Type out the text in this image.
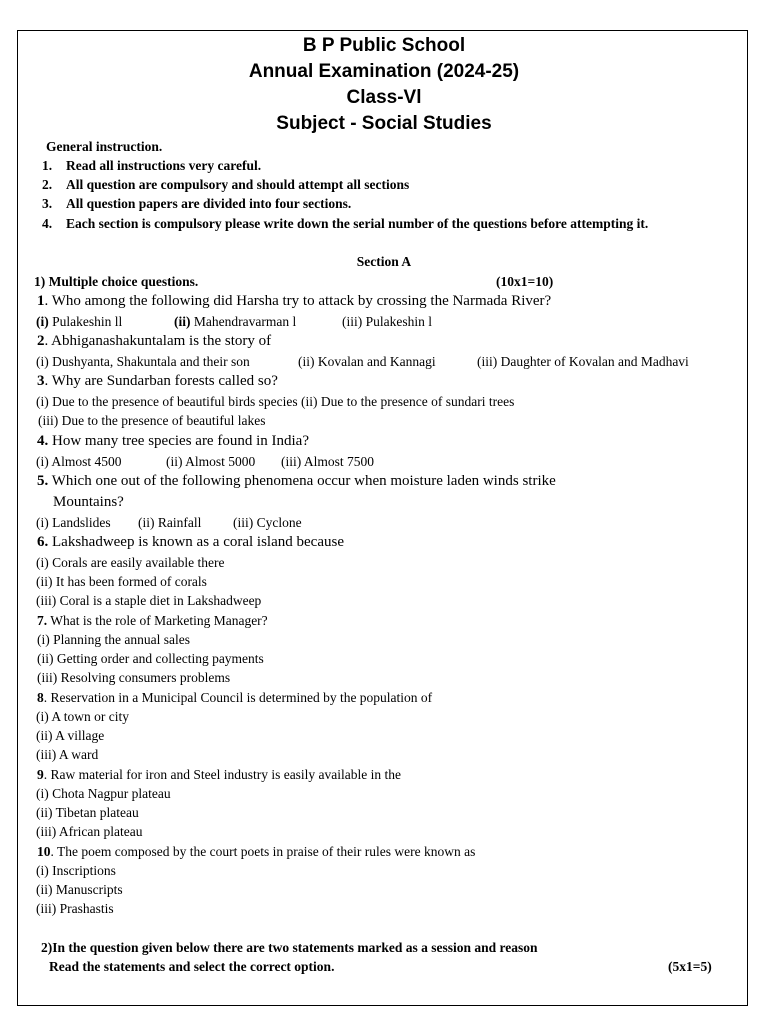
B P Public School
Annual Examination (2024-25)
Class-Vl
Subject - Social Studies
General instruction.
1. Read all instructions very careful.
2. All question are compulsory and should attempt all sections
3. All question papers are divided into four sections.
4. Each section is compulsory please write down the serial number of the questions before attempting it.
Section A
1) Multiple choice questions.	(10x1=10)
1. Who among the following did Harsha try to attack by crossing the Narmada River?
(i) Pulakeshin ll	(ii) Mahendravarman l	(iii) Pulakeshin l
2. Abhiganashakuntalam is the story of
(i) Dushyanta, Shakuntala and their son	(ii) Kovalan and Kannagi	(iii) Daughter of Kovalan and Madhavi
3. Why are Sundarban forests called so?
(i) Due to the presence of beautiful birds species (ii) Due to the presence of sundari trees
(iii) Due to the presence of beautiful lakes
4. How many tree species are found in India?
(i) Almost 4500	(ii) Almost 5000 (iii) Almost 7500
5. Which one out of the following phenomena occur when moisture laden winds strike
Mountains?
(i) Landslides (ii) Rainfall (iii) Cyclone
6. Lakshadweep is known as a coral island because
(i) Corals are easily available there
(ii) It has been formed of corals
(iii) Coral is a staple diet in Lakshadweep
7. What is the role of Marketing Manager?
(i) Planning the annual sales
(ii) Getting order and collecting payments
(iii) Resolving consumers problems
8. Reservation in a Municipal Council is determined by the population of
(i) A town or city
(ii) A village
(iii) A ward
9. Raw material for iron and Steel industry is easily available in the
(i) Chota Nagpur plateau
(ii) Tibetan plateau
(iii) African plateau
10. The poem composed by the court poets in praise of their rules were known as
(i) Inscriptions
(ii) Manuscripts
(iii) Prashastis
2)In the question given below there are two statements marked as a session and reason
Read the statements and select the correct option.	(5x1=5)
